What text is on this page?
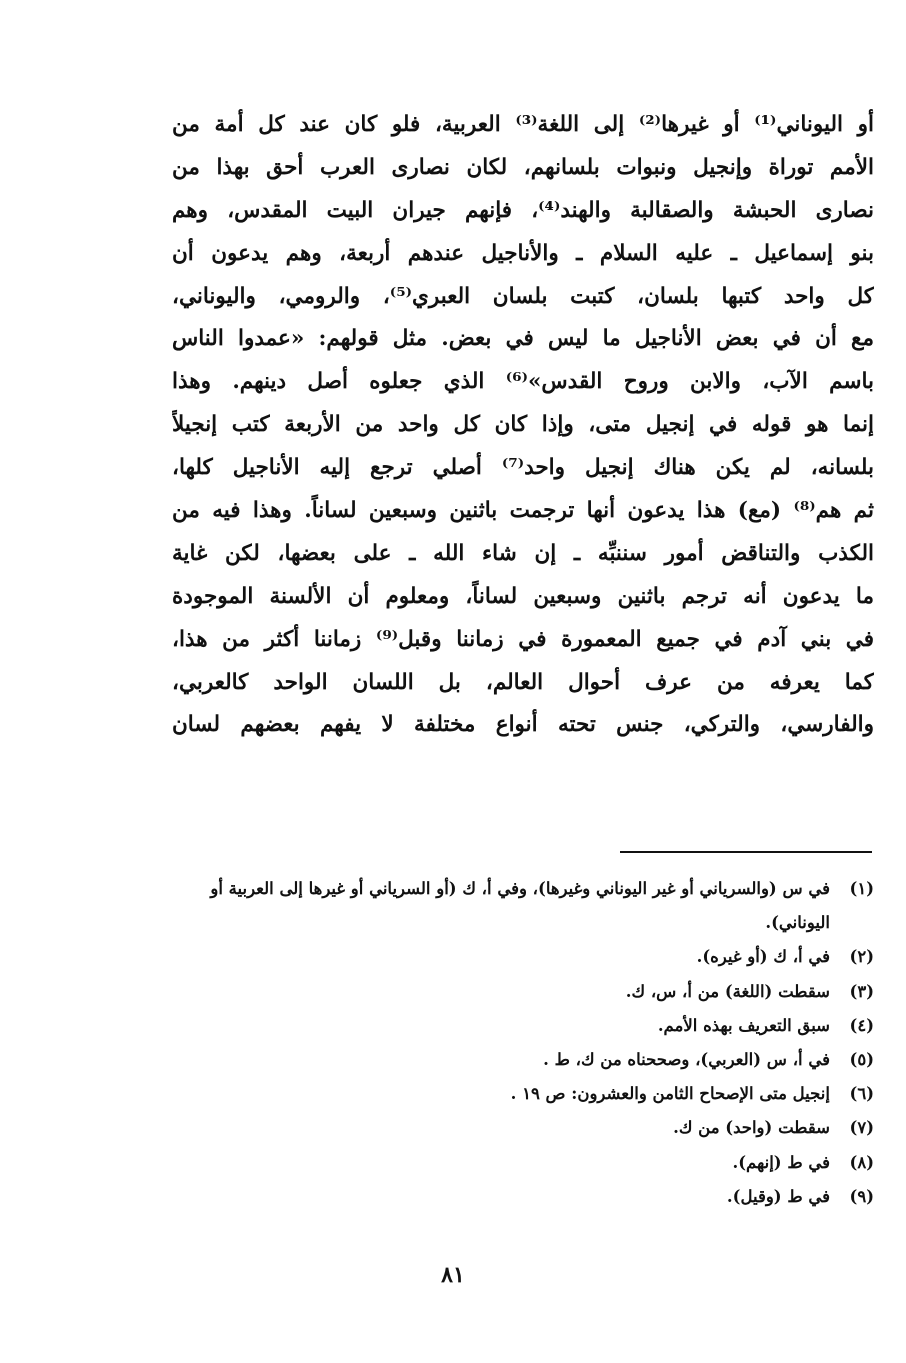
أو اليوناني⁽¹⁾ أو غيرها⁽²⁾ إلى اللغة⁽³⁾ العربية، فلو كان عند كل أمة من
الأمم توراة وإنجيل ونبوات بلسانهم، لكان نصارى العرب أحق بهذا من
نصارى الحبشة والصقالبة والهند⁽⁴⁾، فإنهم جيران البيت المقدس، وهم
بنو إسماعيل ـ عليه السلام ـ والأناجيل عندهم أربعة، وهم يدعون أن
كل واحد كتبها بلسان، كتبت بلسان العبري⁽⁵⁾، والرومي، واليوناني،
مع أن في بعض الأناجيل ما ليس في بعض. مثل قولهم: «عمدوا الناس
باسم الآب، والابن وروح القدس»⁽⁶⁾ الذي جعلوه أصل دينهم. وهذا
إنما هو قوله في إنجيل متى، وإذا كان كل واحد من الأربعة كتب إنجيلاً
بلسانه، لم يكن هناك إنجيل واحد⁽⁷⁾ أصلي ترجع إليه الأناجيل كلها،
ثم هم⁽⁸⁾ (مع) هذا يدعون أنها ترجمت باثنين وسبعين لساناً. وهذا فيه من
الكذب والتناقض أمور سننبِّه ـ إن شاء الله ـ على بعضها، لكن غاية
ما يدعون أنه ترجم باثنين وسبعين لساناً، ومعلوم أن الألسنة الموجودة
في بني آدم في جميع المعمورة في زماننا وقبل⁽⁹⁾ زماننا أكثر من هذا،
كما يعرفه من عرف أحوال العالم، بل اللسان الواحد كالعربي،
والفارسي، والتركي، جنس تحته أنواع مختلفة لا يفهم بعضهم لسان
(١)
في س (والسرياني أو غير اليوناني وغيرها)، وفي أ، ك (أو السرياني أو غيرها إلى العربية أو اليوناني).
(٢)
في أ، ك (أو غيره).
(٣)
سقطت (اللغة) من أ، س، ك.
(٤)
سبق التعريف بهذه الأمم.
(٥)
في أ، س (العربي)، وصححناه من ك، ط .
(٦)
إنجيل متى الإصحاح الثامن والعشرون: ص ١٩ .
(٧)
سقطت (واحد) من ك.
(٨)
في ط (إنهم).
(٩)
في ط (وقيل).
٨١
